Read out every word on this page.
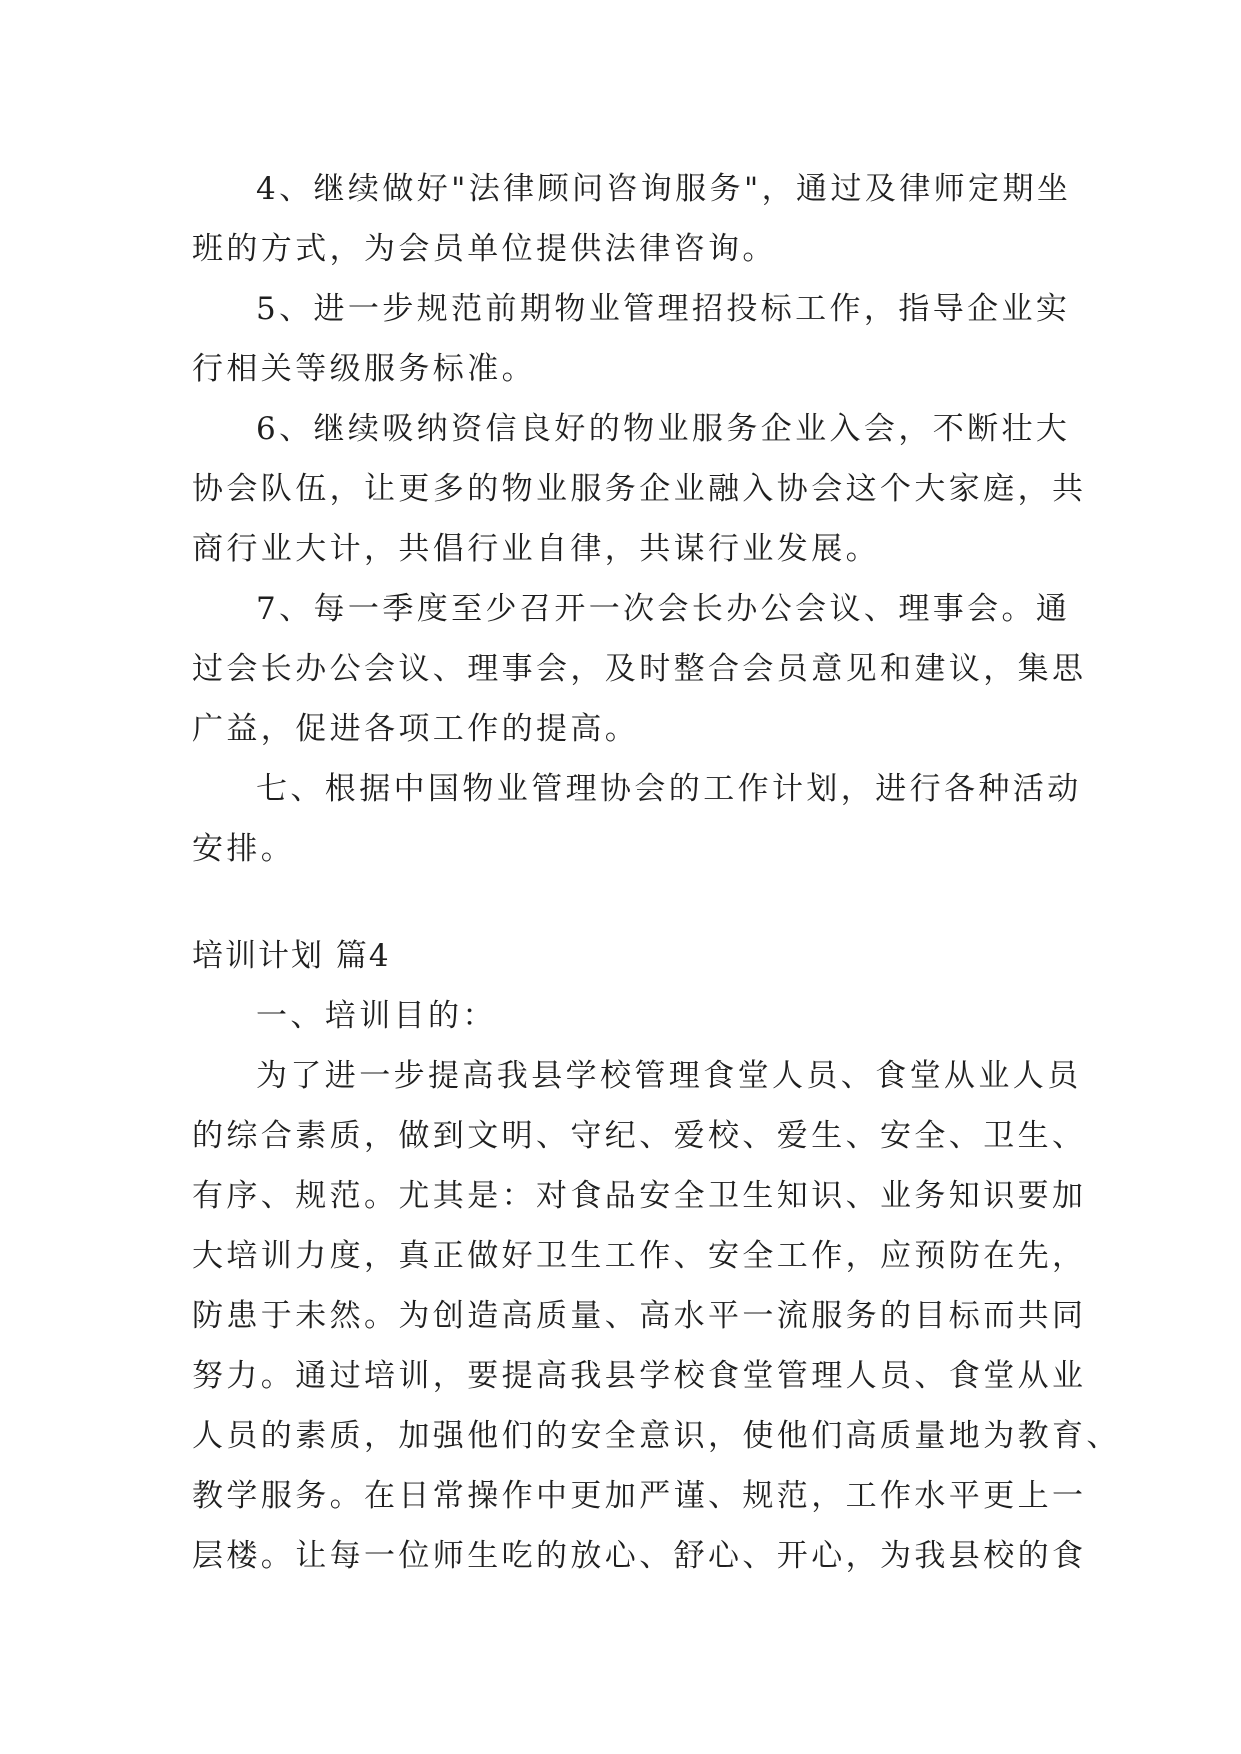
4、继续做好"法律顾问咨询服务"，通过及律师定期坐
班的方式，为会员单位提供法律咨询。
5、进一步规范前期物业管理招投标工作，指导企业实
行相关等级服务标准。
6、继续吸纳资信良好的物业服务企业入会，不断壮大
协会队伍，让更多的物业服务企业融入协会这个大家庭，共
商行业大计，共倡行业自律，共谋行业发展。
7、每一季度至少召开一次会长办公会议、理事会。通
过会长办公会议、理事会，及时整合会员意见和建议，集思
广益，促进各项工作的提高。
七、根据中国物业管理协会的工作计划，进行各种活动
安排。
培训计划 篇4
一、培训目的：
为了进一步提高我县学校管理食堂人员、食堂从业人员
的综合素质，做到文明、守纪、爱校、爱生、安全、卫生、
有序、规范。尤其是：对食品安全卫生知识、业务知识要加
大培训力度，真正做好卫生工作、安全工作，应预防在先，
防患于未然。为创造高质量、高水平一流服务的目标而共同
努力。通过培训，要提高我县学校食堂管理人员、食堂从业
人员的素质，加强他们的安全意识，使他们高质量地为教育、
教学服务。在日常操作中更加严谨、规范，工作水平更上一
层楼。让每一位师生吃的放心、舒心、开心，为我县校的食
